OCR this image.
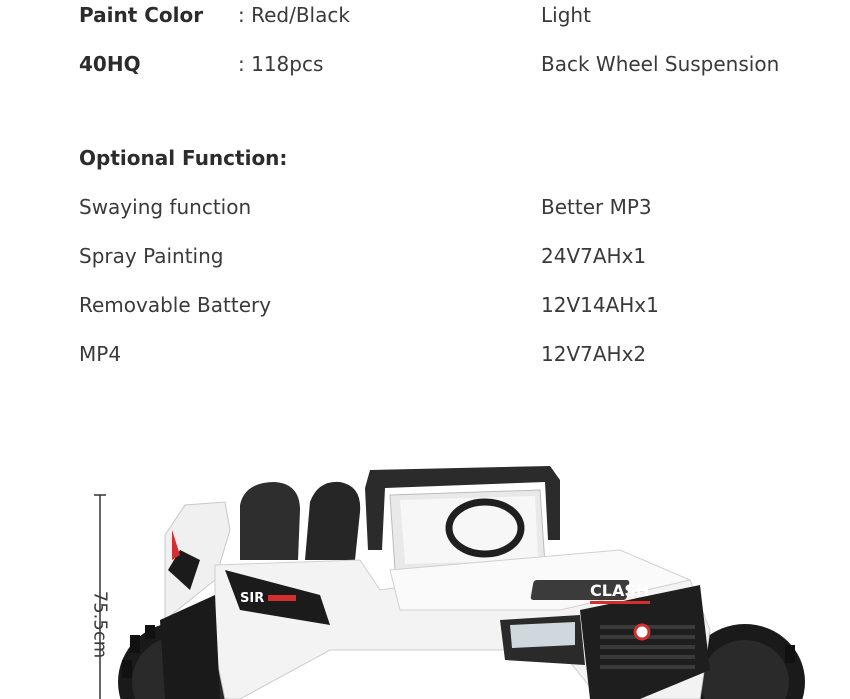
Paint Color : Red/Black	Light
40HQ	: 118pcs	Back Wheel Suspension
Optional Function:
Swaying function	Better MP3
Spray Painting	24V7AHx1
Removable Battery	12V14AHx1
MP4	12V7AHx2
75.5cm
CLASH
SIR
